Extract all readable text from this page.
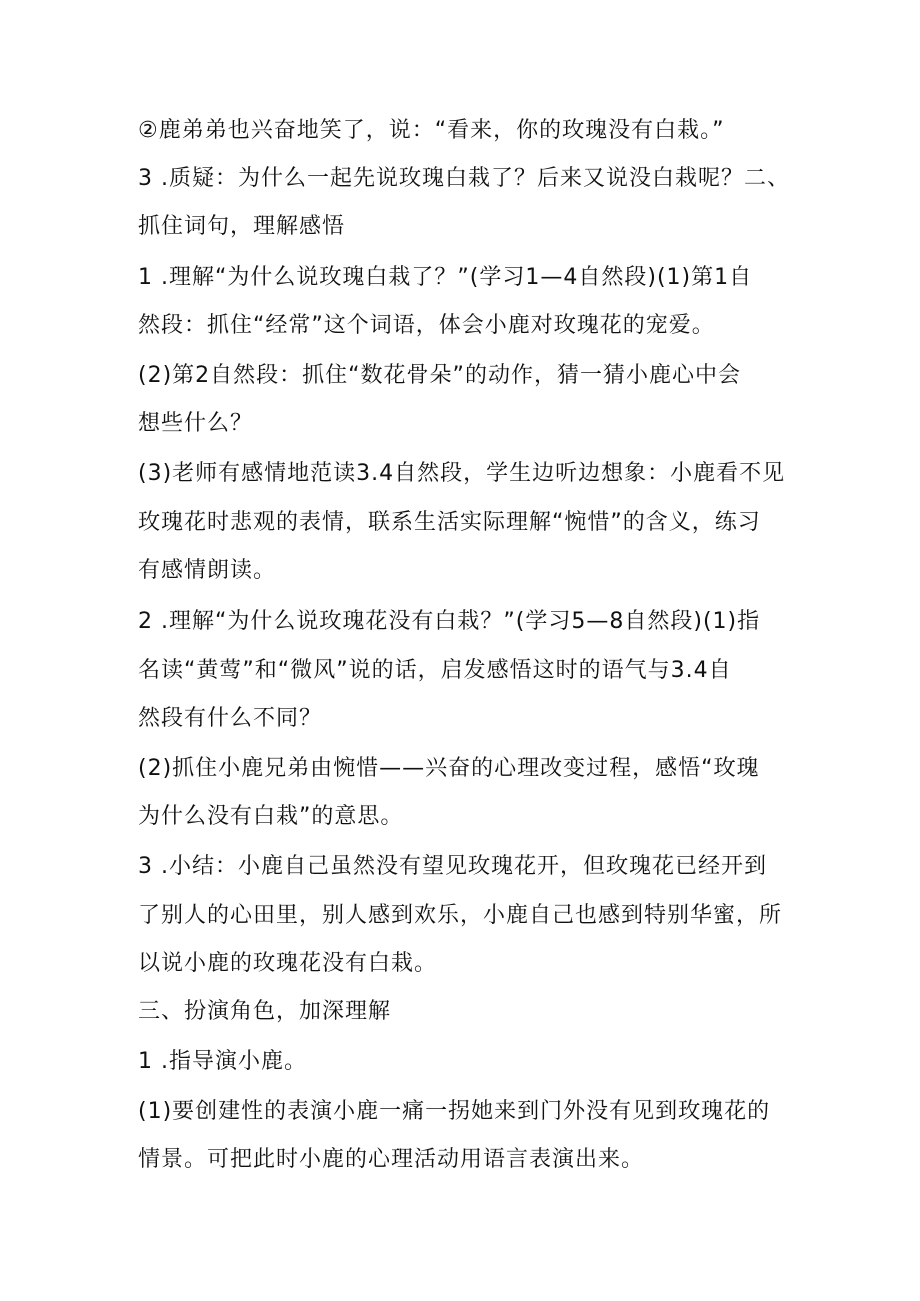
②鹿弟弟也兴奋地笑了，说：“看来，你的玫瑰没有白栽。”

3 .质疑：为什么一起先说玫瑰白栽了？后来又说没白栽呢？二、

抓住词句，理解感悟

1 .理解“为什么说玫瑰白栽了？”(学习1—4自然段)(1)第1自

然段：抓住“经常”这个词语，体会小鹿对玫瑰花的宠爱。

(2)第2自然段：抓住“数花骨朵”的动作，猜一猜小鹿心中会

想些什么？

(3)老师有感情地范读3.4自然段，学生边听边想象：小鹿看不见

玫瑰花时悲观的表情，联系生活实际理解“惋惜”的含义，练习

有感情朗读。

2 .理解“为什么说玫瑰花没有白栽？”(学习5—8自然段)(1)指

名读“黄莺”和“微风”说的话，启发感悟这时的语气与3.4自

然段有什么不同？

(2)抓住小鹿兄弟由惋惜——兴奋的心理改变过程，感悟“玫瑰

为什么没有白栽”的意思。

3 .小结：小鹿自己虽然没有望见玫瑰花开，但玫瑰花已经开到

了别人的心田里，别人感到欢乐，小鹿自己也感到特别华蜜，所

以说小鹿的玫瑰花没有白栽。

三、扮演角色，加深理解

1 .指导演小鹿。

(1)要创建性的表演小鹿一痛一拐她来到门外没有见到玫瑰花的

情景。可把此时小鹿的心理活动用语言表演出来。
